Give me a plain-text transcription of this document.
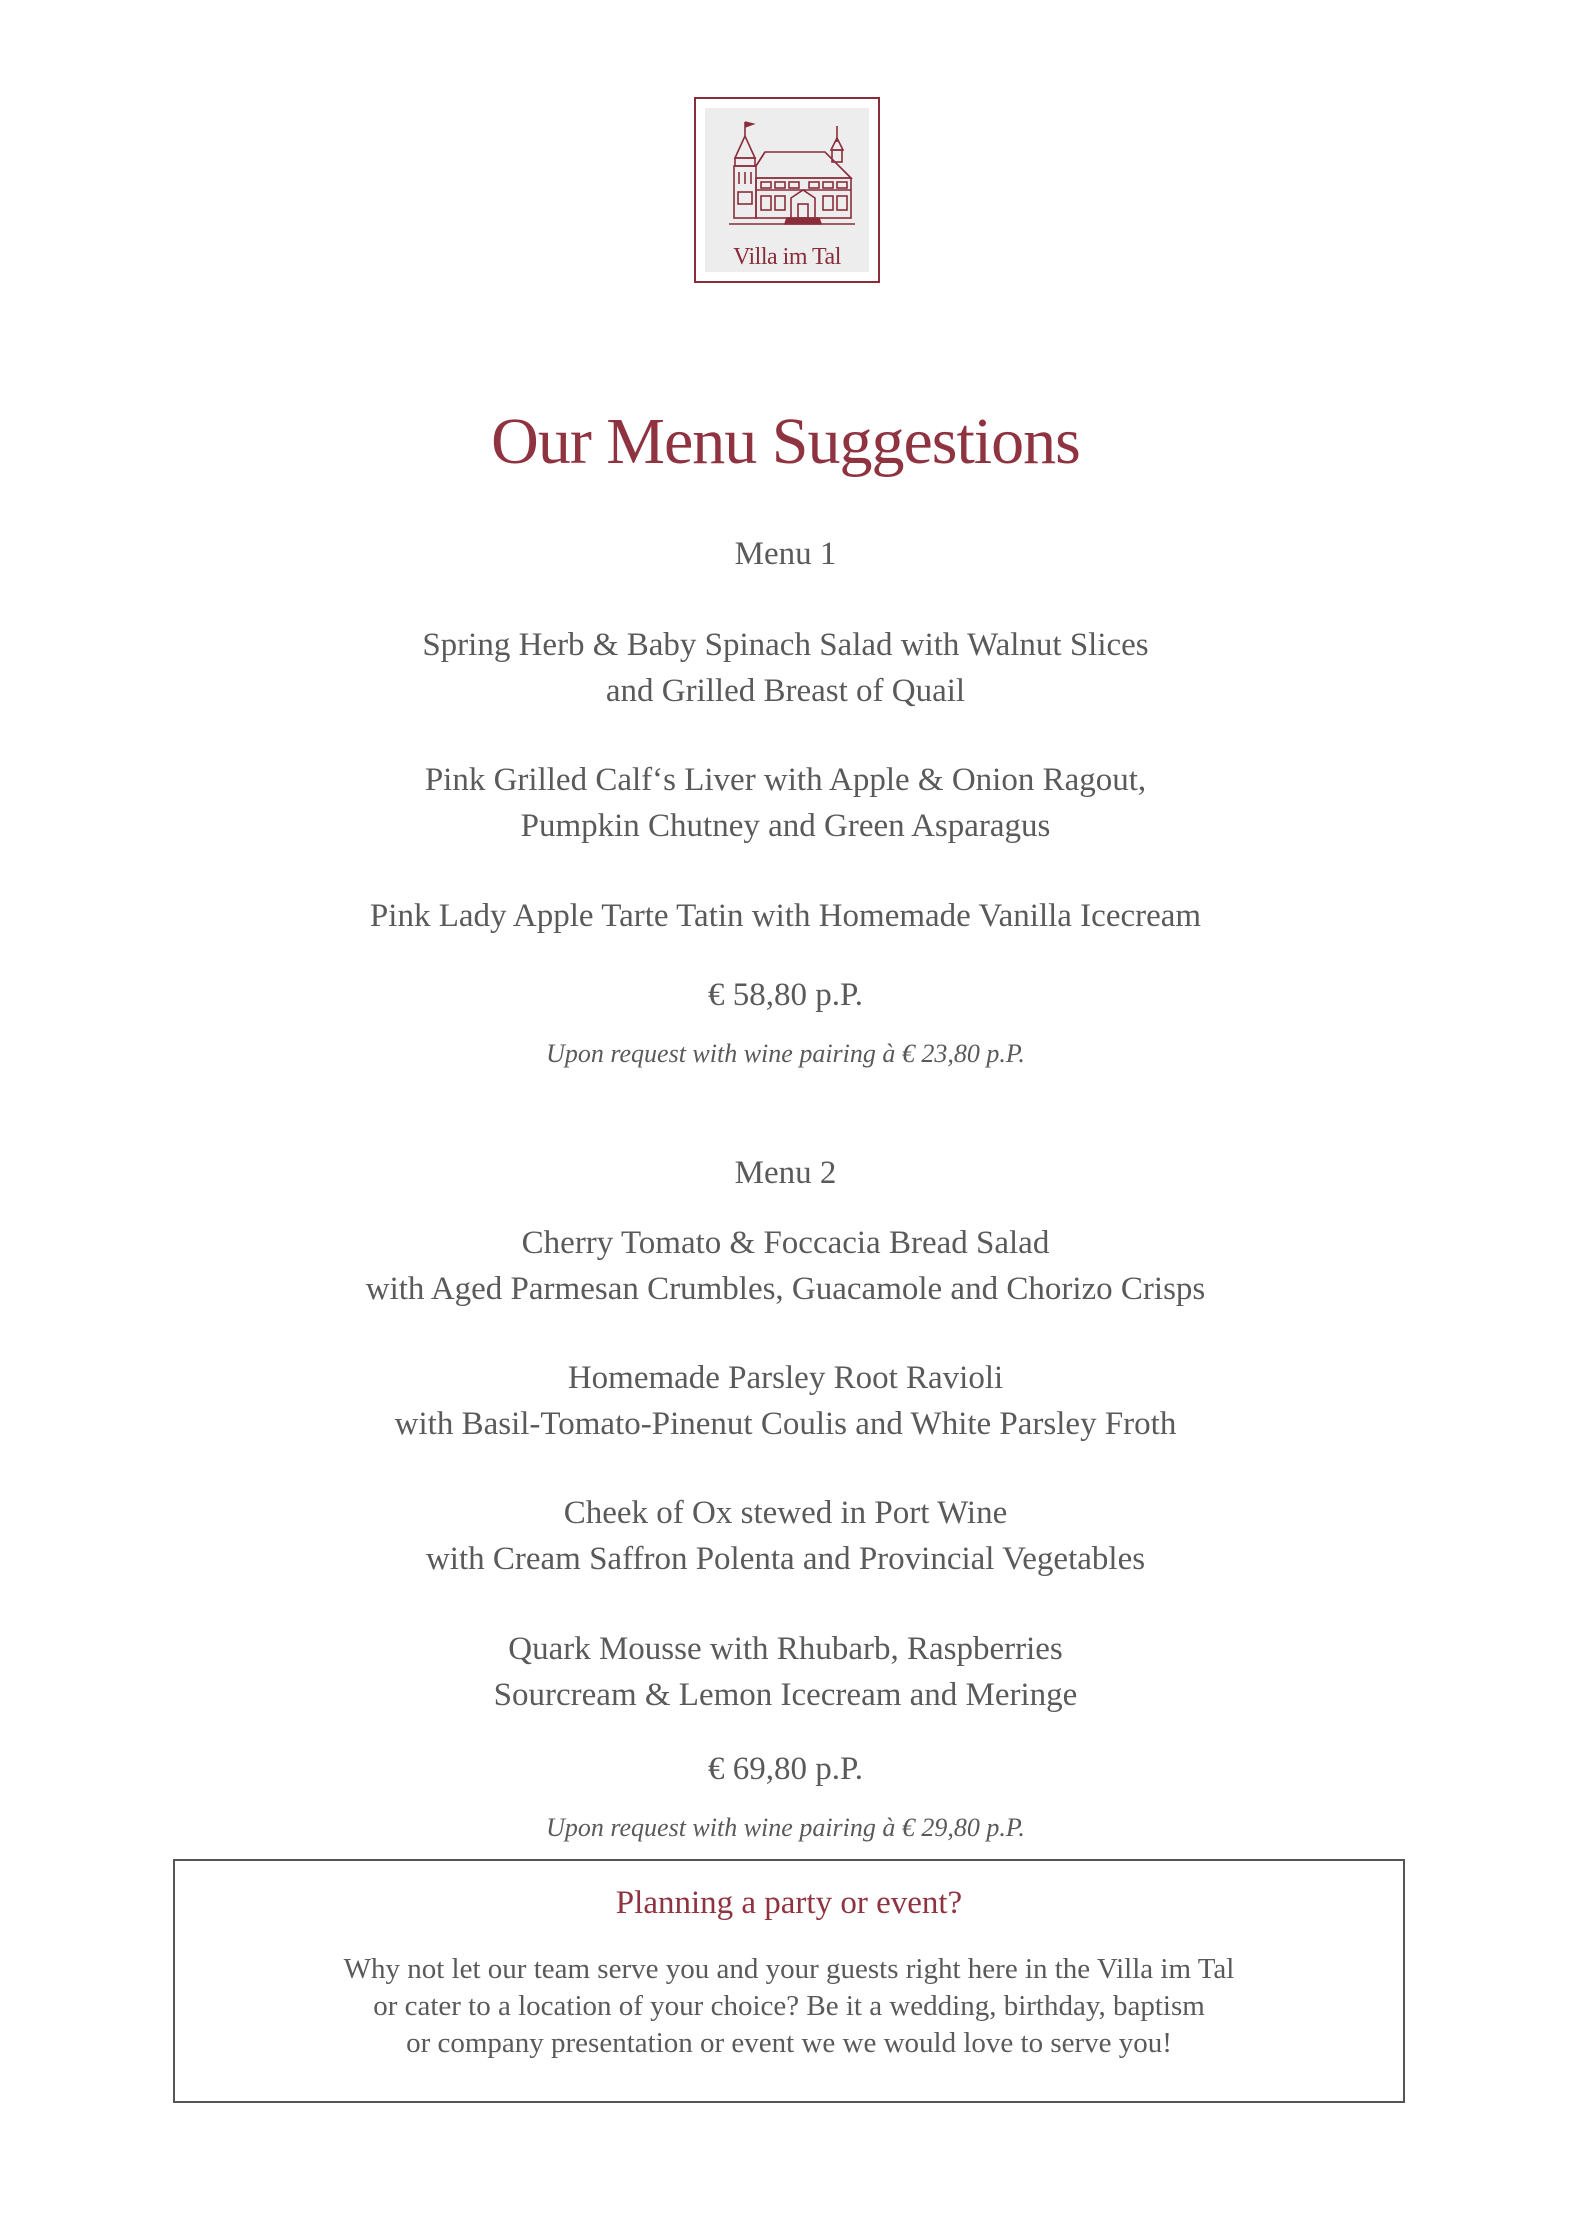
Villa im Tal
Our Menu Suggestions
Menu 1
Spring Herb & Baby Spinach Salad with Walnut Slices
and Grilled Breast of Quail
Pink Grilled Calf‘s Liver with Apple & Onion Ragout,
Pumpkin Chutney and Green Asparagus
Pink Lady Apple Tarte Tatin with Homemade Vanilla Icecream
€ 58,80 p.P.
Upon request with wine pairing à € 23,80 p.P.
Menu 2
Cherry Tomato & Foccacia Bread Salad
with Aged Parmesan Crumbles, Guacamole and Chorizo Crisps
Homemade Parsley Root Ravioli
with Basil-Tomato-Pinenut Coulis and White Parsley Froth
Cheek of Ox stewed in Port Wine
with Cream Saffron Polenta and Provincial Vegetables
Quark Mousse with Rhubarb, Raspberries
Sourcream & Lemon Icecream and Meringe
€ 69,80 p.P.
Upon request with wine pairing à € 29,80 p.P.
Planning a party or event?
Why not let our team serve you and your guests right here in the Villa im Tal
or cater to a location of your choice? Be it a wedding, birthday, baptism
or company presentation or event we we would love to serve you!
